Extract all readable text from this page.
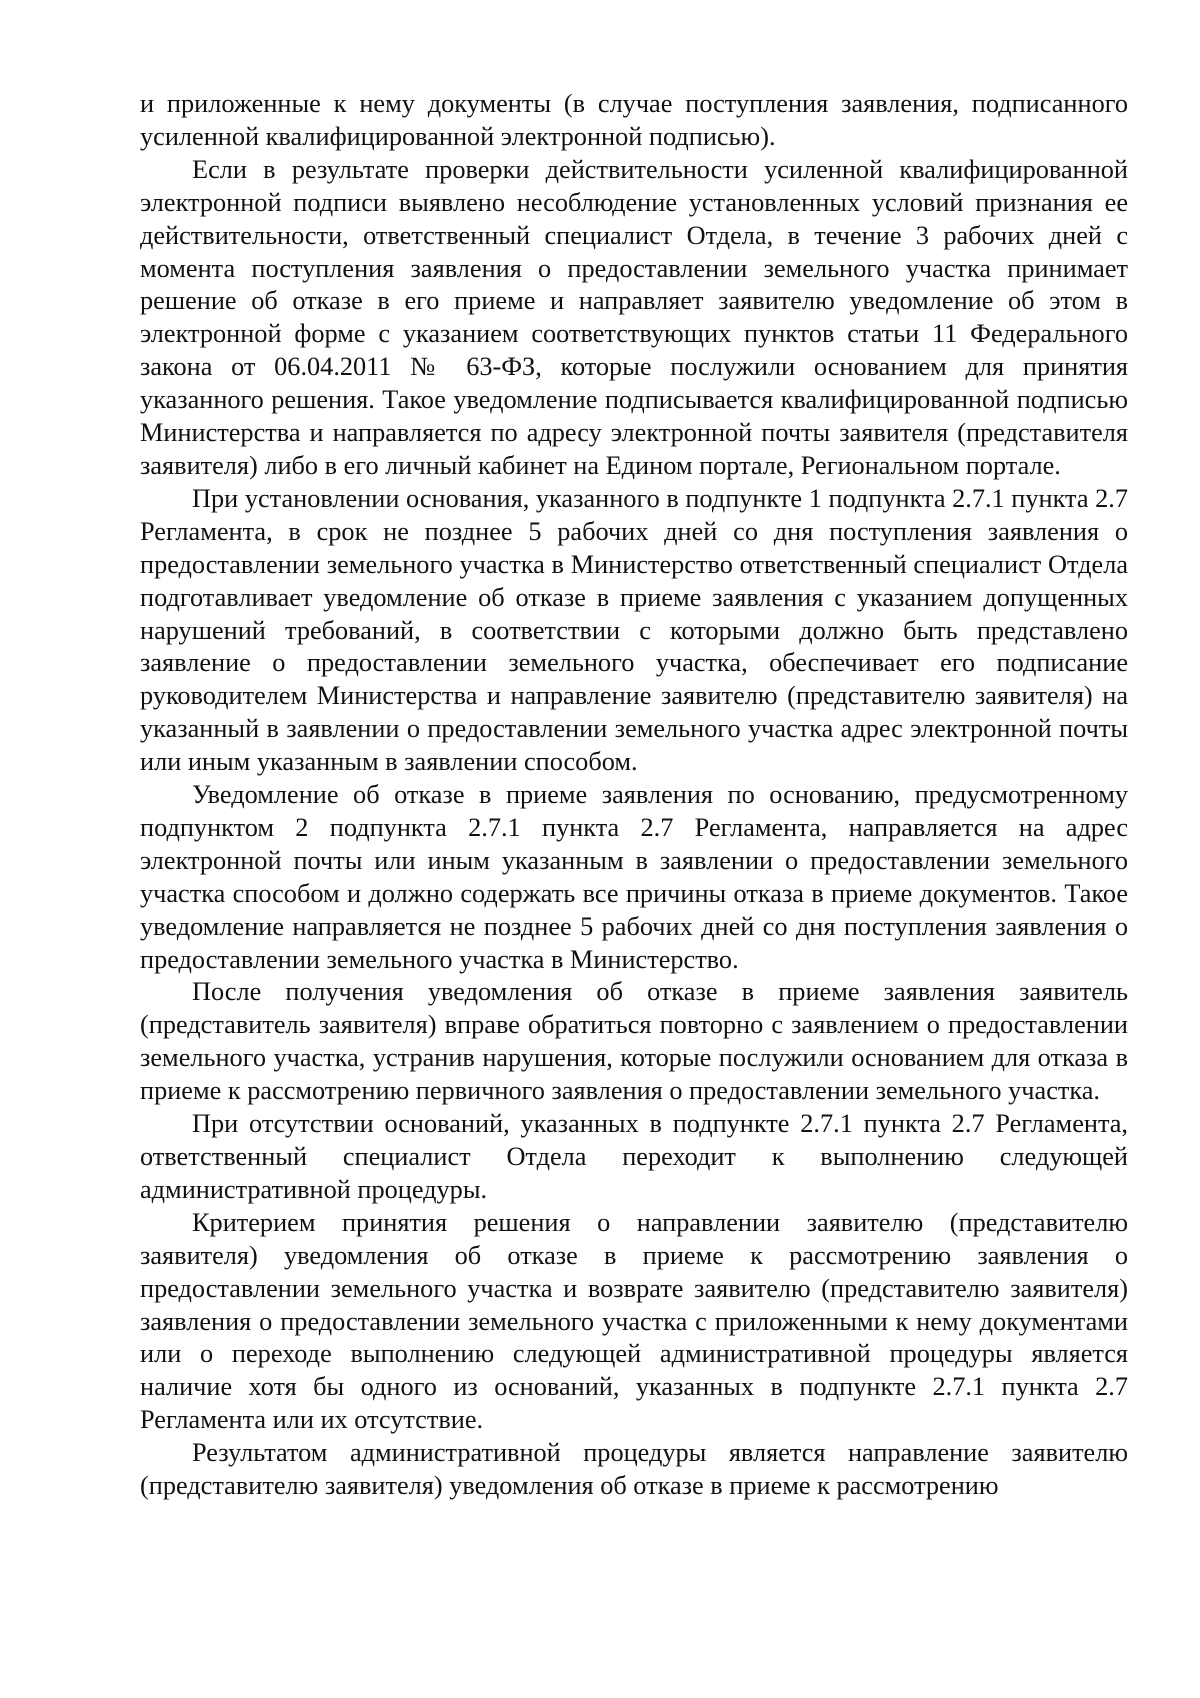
и приложенные к нему документы (в случае поступления заявления, подписанного усиленной квалифицированной электронной подписью).

Если в результате проверки действительности усиленной квалифицированной электронной подписи выявлено несоблюдение установленных условий признания ее действительности, ответственный специалист Отдела, в течение 3 рабочих дней с момента поступления заявления о предоставлении земельного участка принимает решение об отказе в его приеме и направляет заявителю уведомление об этом в электронной форме с указанием соответствующих пунктов статьи 11 Федерального закона от 06.04.2011 № 63-ФЗ, которые послужили основанием для принятия указанного решения. Такое уведомление подписывается квалифицированной подписью Министерства и направляется по адресу электронной почты заявителя (представителя заявителя) либо в его личный кабинет на Едином портале, Региональном портале.

При установлении основания, указанного в подпункте 1 подпункта 2.7.1 пункта 2.7 Регламента, в срок не позднее 5 рабочих дней со дня поступления заявления о предоставлении земельного участка в Министерство ответственный специалист Отдела подготавливает уведомление об отказе в приеме заявления с указанием допущенных нарушений требований, в соответствии с которыми должно быть представлено заявление о предоставлении земельного участка, обеспечивает его подписание руководителем Министерства и направление заявителю (представителю заявителя) на указанный в заявлении о предоставлении земельного участка адрес электронной почты или иным указанным в заявлении способом.

Уведомление об отказе в приеме заявления по основанию, предусмотренному подпунктом 2 подпункта 2.7.1 пункта 2.7 Регламента, направляется на адрес электронной почты или иным указанным в заявлении о предоставлении земельного участка способом и должно содержать все причины отказа в приеме документов. Такое уведомление направляется не позднее 5 рабочих дней со дня поступления заявления о предоставлении земельного участка в Министерство.

После получения уведомления об отказе в приеме заявления заявитель (представитель заявителя) вправе обратиться повторно с заявлением о предоставлении земельного участка, устранив нарушения, которые послужили основанием для отказа в приеме к рассмотрению первичного заявления о предоставлении земельного участка.

При отсутствии оснований, указанных в подпункте 2.7.1 пункта 2.7 Регламента, ответственный специалист Отдела переходит к выполнению следующей административной процедуры.

Критерием принятия решения о направлении заявителю (представителю заявителя) уведомления об отказе в приеме к рассмотрению заявления о предоставлении земельного участка и возврате заявителю (представителю заявителя) заявления о предоставлении земельного участка с приложенными к нему документами или о переходе выполнению следующей административной процедуры является наличие хотя бы одного из оснований, указанных в подпункте 2.7.1 пункта 2.7 Регламента или их отсутствие.

Результатом административной процедуры является направление заявителю (представителю заявителя) уведомления об отказе в приеме к рассмотрению
